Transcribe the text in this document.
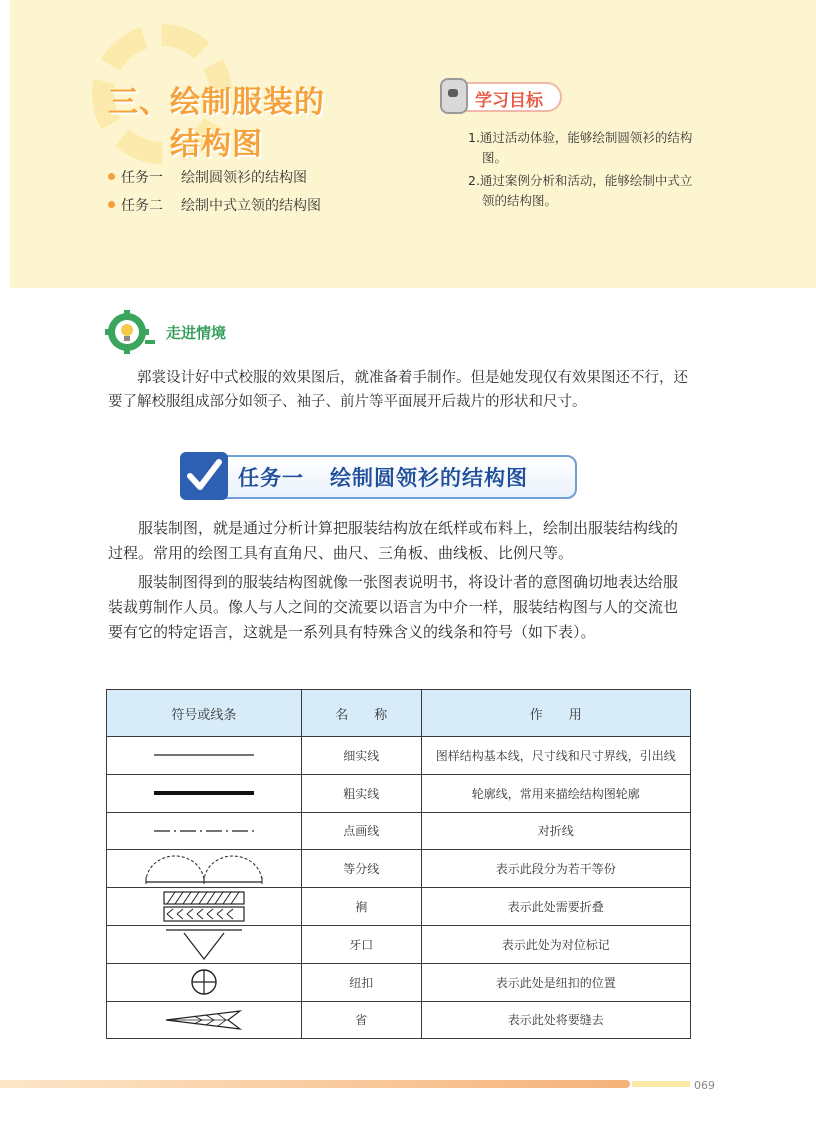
三、绘制服装的
结构图
任务一 绘制圆领衫的结构图
任务二 绘制中式立领的结构图
学习目标
1.通过活动体验，能够绘制圆领衫的结构图。
2.通过案例分析和活动，能够绘制中式立领的结构图。
走进情境

郭裳设计好中式校服的效果图后，就准备着手制作。但是她发现仅有效果图还不行，还要了解校服组成部分如领子、袖子、前片等平面展开后裁片的形状和尺寸。

任务一 绘制圆领衫的结构图

服装制图，就是通过分析计算把服装结构放在纸样或布料上，绘制出服装结构线的过程。常用的绘图工具有直角尺、曲尺、三角板、曲线板、比例尺等。

服装制图得到的服装结构图就像一张图表说明书，将设计者的意图确切地表达给服装裁剪制作人员。像人与人之间的交流要以语言为中介一样，服装结构图与人的交流也要有它的特定语言，这就是一系列具有特殊含义的线条和符号（如下表）。

符号或线条	名　　称	作　　用

	细实线	图样结构基本线，尺寸线和尺寸界线，引出线

	粗实线	轮廓线，常用来描绘结构图轮廓

	点画线	对折线

	等分线	表示此段分为若干等份

	裥	表示此处需要折叠

	牙口	表示此处为对位标记

	纽扣	表示此处是纽扣的位置

	省	表示此处将要缝去
069
